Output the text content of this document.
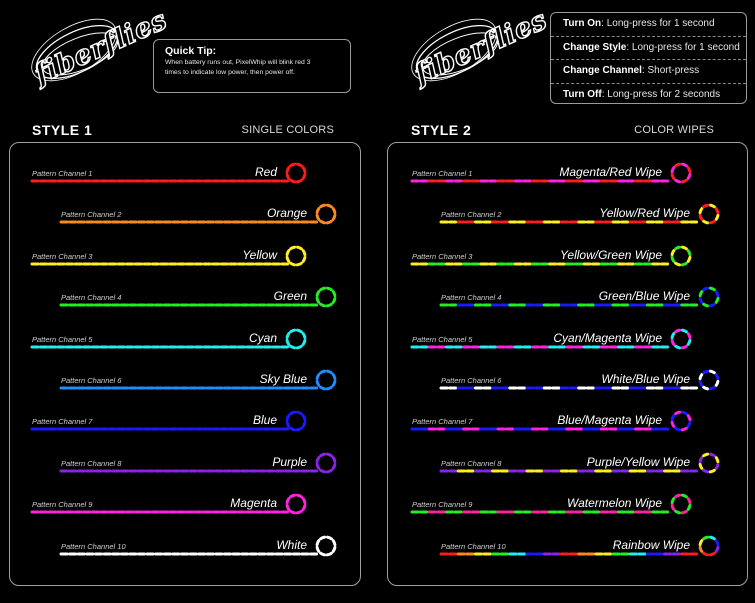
fiberflies	fiberflies
Quick Tip:
When battery runs out, PixelWhip will blink red 3
times to indicate low power, then power off.
Turn On: Long-press for 1 second
Change Style: Long-press for 1 second
Change Channel: Short-press
Turn Off: Long-press for 2 seconds
STYLE 1	SINGLE COLORS	STYLE 2	COLOR WIPES
Pattern Channel 1	Red
Pattern Channel 2	Orange
Pattern Channel 3	Yellow
Pattern Channel 4	Green
Pattern Channel 5	Cyan
Pattern Channel 6	Sky Blue
Pattern Channel 7	Blue
Pattern Channel 8	Purple
Pattern Channel 9	Magenta
Pattern Channel 10	White
Pattern Channel 1	Magenta/Red Wipe
Pattern Channel 2	Yellow/Red Wipe
Pattern Channel 3	Yellow/Green Wipe
Pattern Channel 4	Green/Blue Wipe
Pattern Channel 5	Cyan/Magenta Wipe
Pattern Channel 6	White/Blue Wipe
Pattern Channel 7	Blue/Magenta Wipe
Pattern Channel 8	Purple/Yellow Wipe
Pattern Channel 9	Watermelon Wipe
Pattern Channel 10	Rainbow Wipe
